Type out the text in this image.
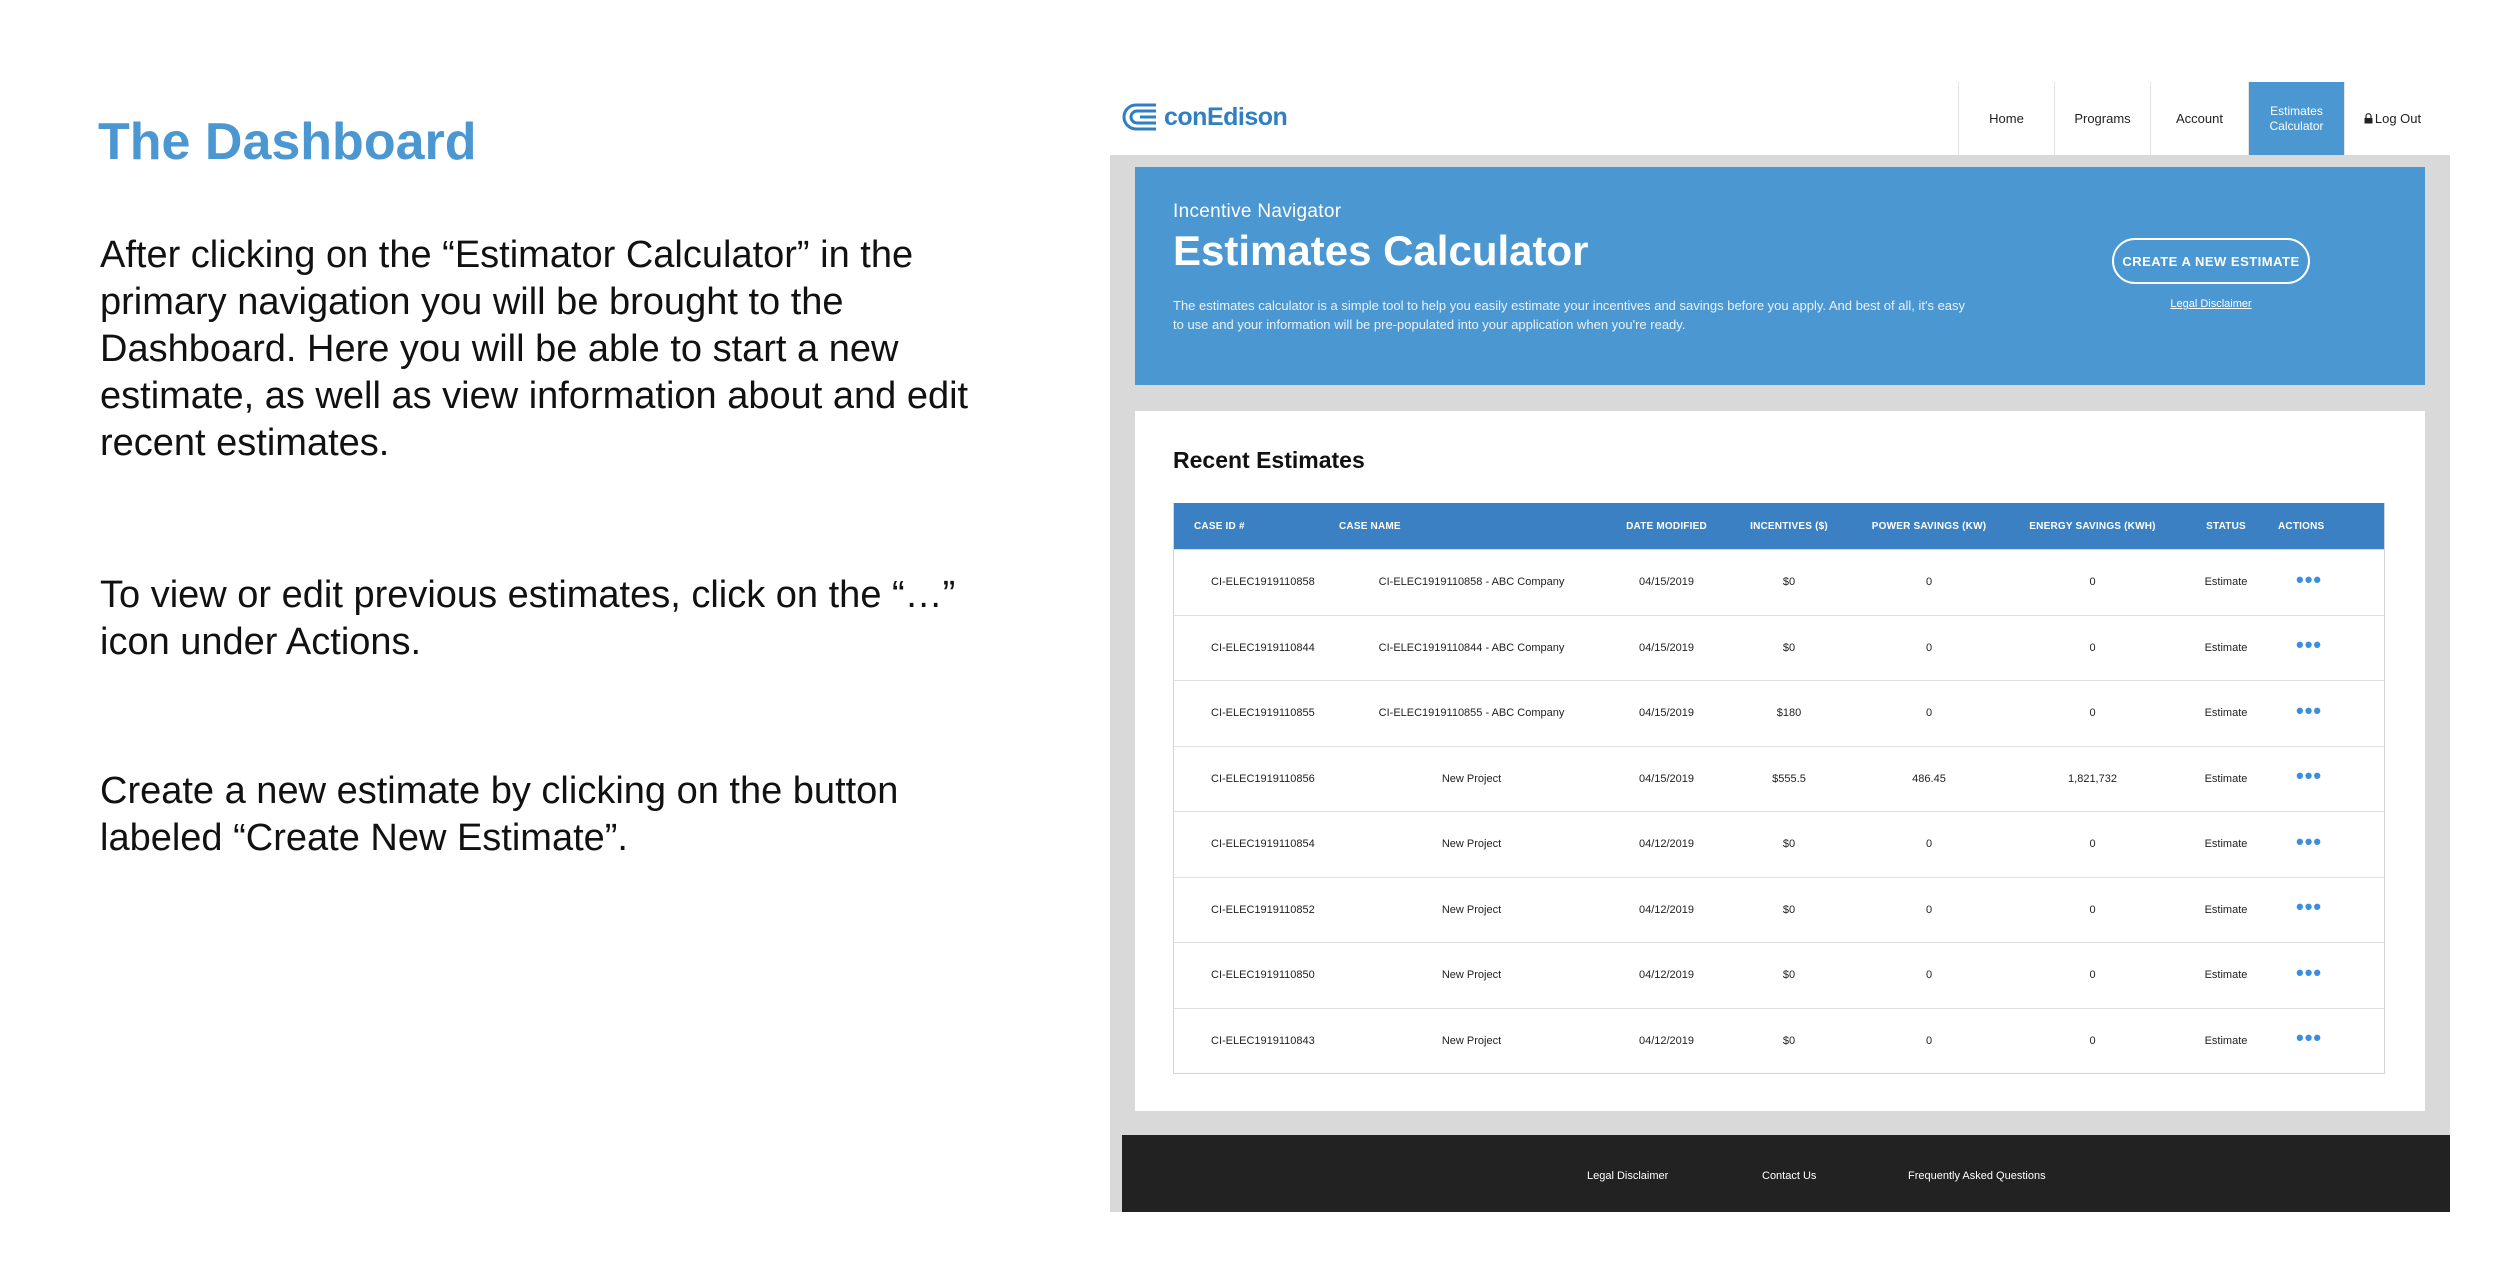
The Dashboard

After clicking on the “Estimator Calculator” in the primary navigation you will be brought to the Dashboard. Here you will be able to start a new estimate, as well as view information about and edit recent estimates.

To view or edit previous estimates, click on the “…” icon under Actions.

Create a new estimate by clicking on the button labeled “Create New Estimate”.

conEdison	Home	Programs	Account
Estimates
Calculator	Log Out
Incentive Navigator
Estimates Calculator
The estimates calculator is a simple tool to help you easily estimate your incentives and savings before you apply. And best of all, it's easy to use and your information will be pre-populated into your application when you're ready.
CREATE A NEW ESTIMATE
Legal Disclaimer
Recent Estimates
CASE ID #	CASE NAME	DATE MODIFIED	INCENTIVES ($)	POWER SAVINGS (KW)	ENERGY SAVINGS (KWH)	STATUS	ACTIONS
CI-ELEC1919110858	CI-ELEC1919110858 - ABC Company	04/15/2019	$0	0	0	Estimate	•••
CI-ELEC1919110844	CI-ELEC1919110844 - ABC Company	04/15/2019	$0	0	0	Estimate	•••
CI-ELEC1919110855	CI-ELEC1919110855 - ABC Company	04/15/2019	$180	0	0	Estimate	•••
CI-ELEC1919110856	New Project	04/15/2019	$555.5	486.45	1,821,732	Estimate	•••
CI-ELEC1919110854	New Project	04/12/2019	$0	0	0	Estimate	•••
CI-ELEC1919110852	New Project	04/12/2019	$0	0	0	Estimate	•••
CI-ELEC1919110850	New Project	04/12/2019	$0	0	0	Estimate	•••
CI-ELEC1919110843	New Project	04/12/2019	$0	0	0	Estimate	•••
Legal Disclaimer	Contact Us	Frequently Asked Questions
